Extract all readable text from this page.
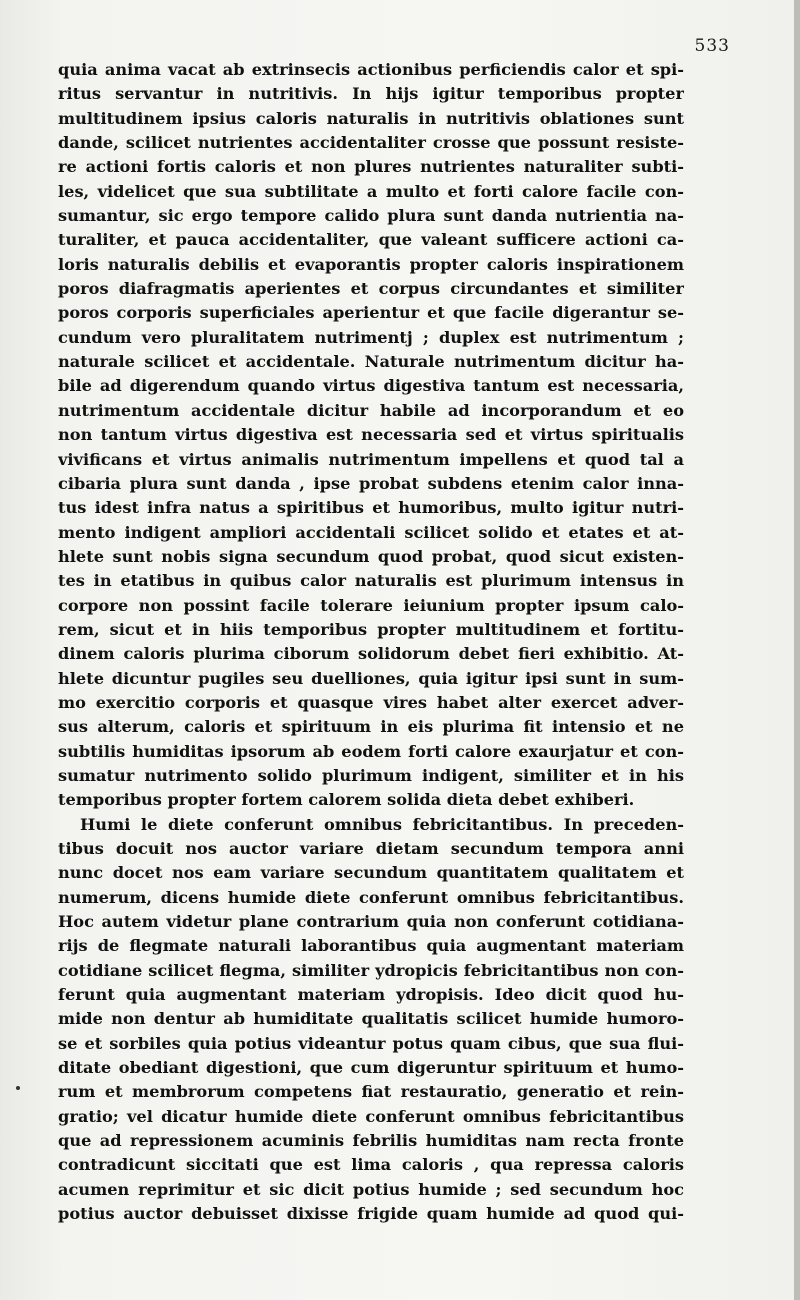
533
quia anima vacat ab extrinsecis actionibus perficiendis calor et spi-
ritus servantur in nutritivis. In hijs igitur temporibus propter
multitudinem ipsius caloris naturalis in nutritivis oblationes sunt
dande, scilicet nutrientes accidentaliter crosse que possunt resiste-
re actioni fortis caloris et non plures nutrientes naturaliter subti-
les, videlicet que sua subtilitate a multo et forti calore facile con-
sumantur, sic ergo tempore calido plura sunt danda nutrientia na-
turaliter, et pauca accidentaliter, que valeant sufficere actioni ca-
loris naturalis debilis et evaporantis propter caloris inspirationem
poros diafragmatis aperientes et corpus circundantes et similiter
poros corporis superficiales aperientur et que facile digerantur se-
cundum vero pluralitatem nutrimentj ; duplex est nutrimentum ;
naturale scilicet et accidentale. Naturale nutrimentum dicitur ha-
bile ad digerendum quando virtus digestiva tantum est necessaria,
nutrimentum accidentale dicitur habile ad incorporandum et eo
non tantum virtus digestiva est necessaria sed et virtus spiritualis
vivificans et virtus animalis nutrimentum impellens et quod tal a
cibaria plura sunt danda , ipse probat subdens etenim calor inna-
tus idest infra natus a spiritibus et humoribus, multo igitur nutri-
mento indigent ampliori accidentali scilicet solido et etates et at-
hlete sunt nobis signa secundum quod probat, quod sicut existen-
tes in etatibus in quibus calor naturalis est plurimum intensus in
corpore non possint facile tolerare ieiunium propter ipsum calo-
rem, sicut et in hiis temporibus propter multitudinem et fortitu-
dinem caloris plurima ciborum solidorum debet fieri exhibitio. At-
hlete dicuntur pugiles seu duelliones, quia igitur ipsi sunt in sum-
mo exercitio corporis et quasque vires habet alter exercet adver-
sus alterum, caloris et spirituum in eis plurima fit intensio et ne
subtilis humiditas ipsorum ab eodem forti calore exaurjatur et con-
sumatur nutrimento solido plurimum indigent, similiter et in his
temporibus propter fortem calorem solida dieta debet exhiberi.
Humi le diete conferunt omnibus febricitantibus. In preceden-
tibus docuit nos auctor variare dietam secundum tempora anni
nunc docet nos eam variare secundum quantitatem qualitatem et
numerum, dicens humide diete conferunt omnibus febricitantibus.
Hoc autem videtur plane contrarium quia non conferunt cotidiana-
rijs de flegmate naturali laborantibus quia augmentant materiam
cotidiane scilicet flegma, similiter ydropicis febricitantibus non con-
ferunt quia augmentant materiam ydropisis. Ideo dicit quod hu-
mide non dentur ab humiditate qualitatis scilicet humide humoro-
se et sorbiles quia potius videantur potus quam cibus, que sua flui-
ditate obediant digestioni, que cum digeruntur spirituum et humo-
rum et membrorum competens fiat restauratio, generatio et rein-
gratio; vel dicatur humide diete conferunt omnibus febricitantibus
que ad repressionem acuminis febrilis humiditas nam recta fronte
contradicunt siccitati que est lima caloris , qua repressa caloris
acumen reprimitur et sic dicit potius humide ; sed secundum hoc
potius auctor debuisset dixisse frigide quam humide ad quod qui-
